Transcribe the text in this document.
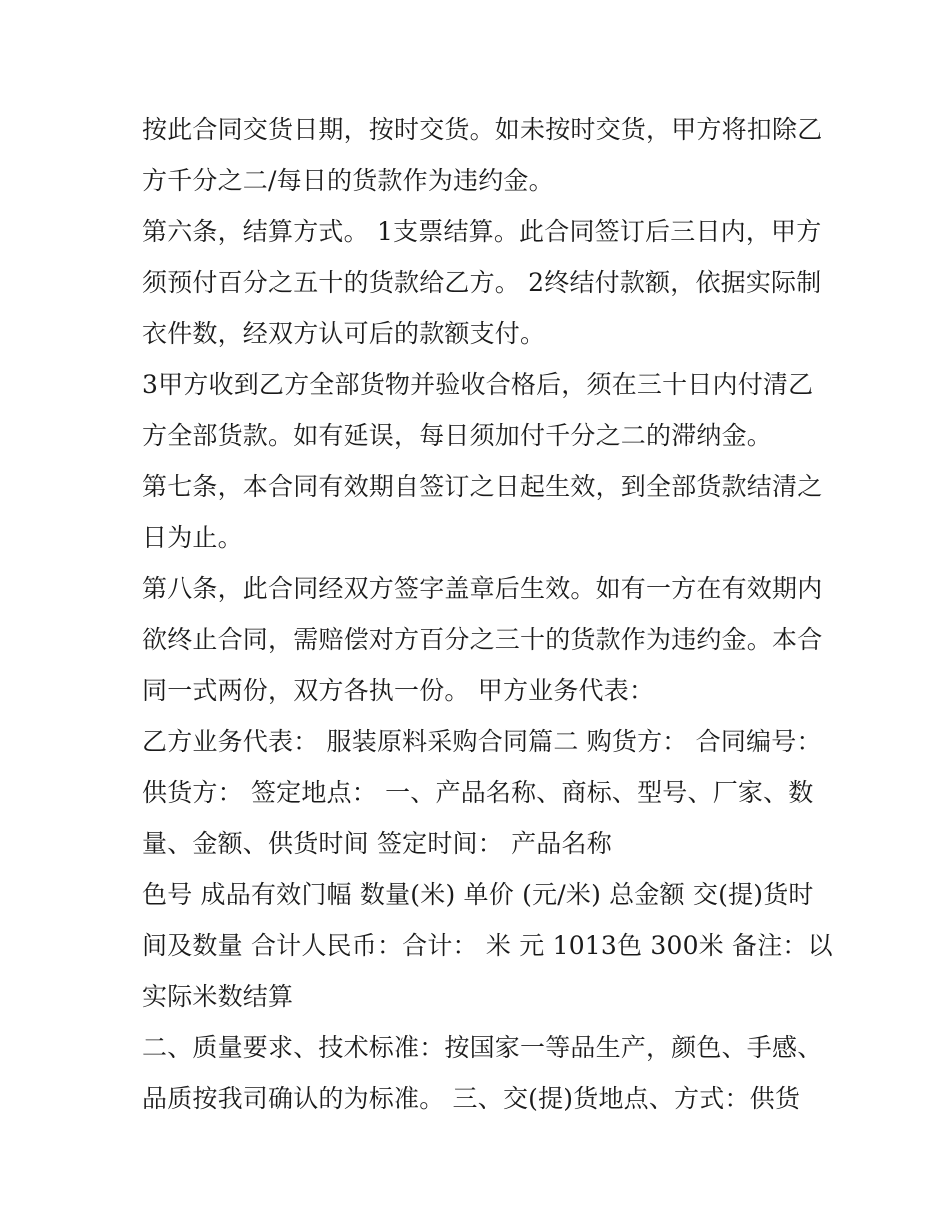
按此合同交货日期，按时交货。如未按时交货，甲方将扣除乙
方千分之二/每日的货款作为违约金。
第六条，结算方式。 1支票结算。此合同签订后三日内，甲方
须预付百分之五十的货款给乙方。 2终结付款额，依据实际制
衣件数，经双方认可后的款额支付。
3甲方收到乙方全部货物并验收合格后，须在三十日内付清乙
方全部货款。如有延误，每日须加付千分之二的滞纳金。
第七条，本合同有效期自签订之日起生效，到全部货款结清之
日为止。
第八条，此合同经双方签字盖章后生效。如有一方在有效期内
欲终止合同，需赔偿对方百分之三十的货款作为违约金。本合
同一式两份，双方各执一份。 甲方业务代表：
乙方业务代表： 服装原料采购合同篇二 购货方： 合同编号：
供货方： 签定地点： 一、产品名称、商标、型号、厂家、数
量、金额、供货时间 签定时间： 产品名称
色号 成品有效门幅 数量(米) 单价 (元/米) 总金额 交(提)货时
间及数量 合计人民币：合计： 米 元 1013色 300米 备注：以
实际米数结算
二、质量要求、技术标准：按国家一等品生产，颜色、手感、
品质按我司确认的为标准。 三、交(提)货地点、方式：供货
